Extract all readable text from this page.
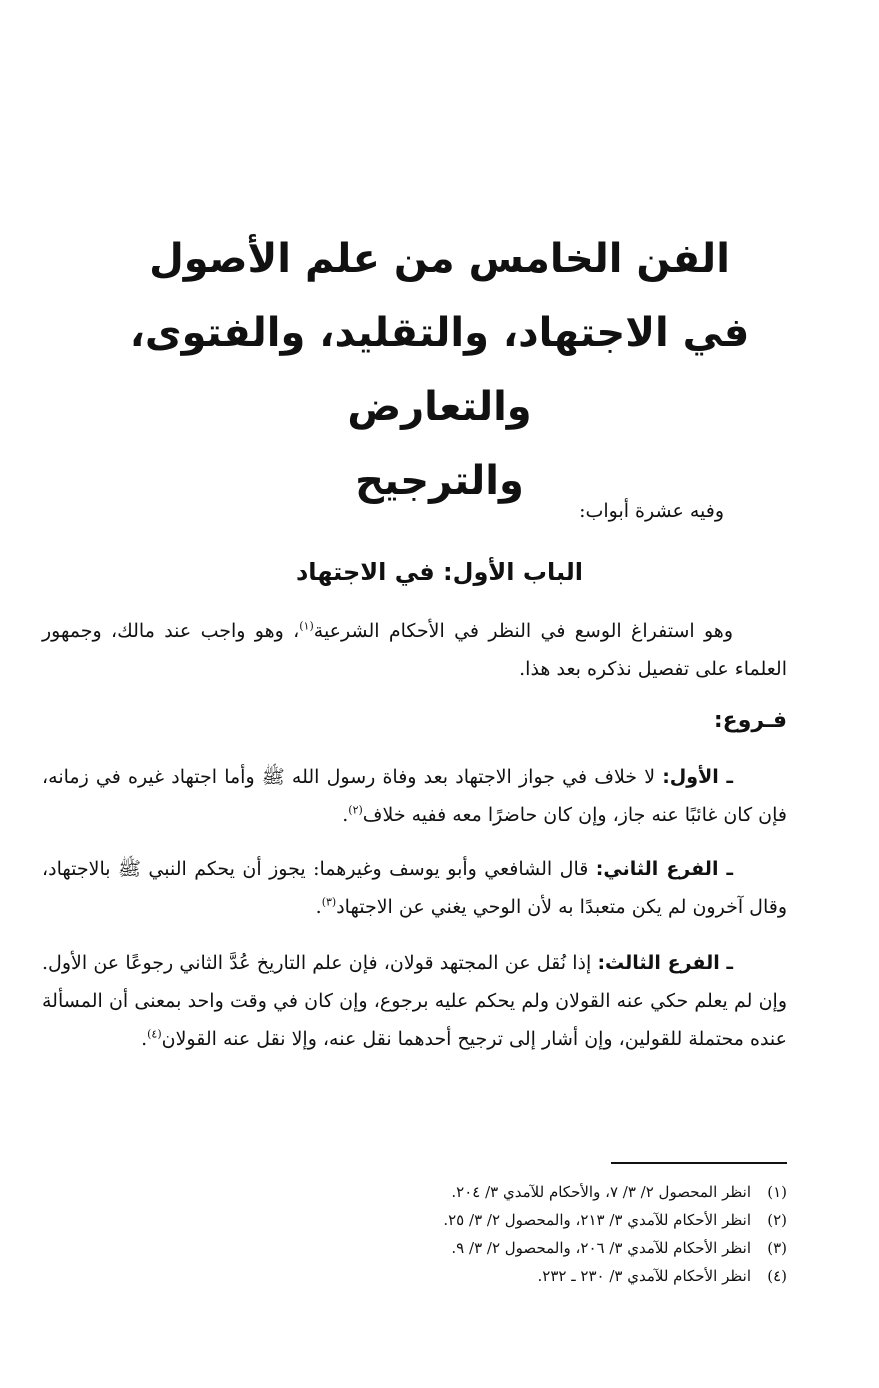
الفن الخامس من علم الأصول

في الاجتهاد، والتقليد، والفتوى، والتعارض

والترجيح

وفيه عشرة أبواب:

الباب الأول: في الاجتهاد

وهو استفراغ الوسع في النظر في الأحكام الشرعية$^{(١)}$، وهو واجب عند مالك، وجمهور العلماء على تفصيل نذكره بعد هذا.

فـروع:

ـ الأول: لا خلاف في جواز الاجتهاد بعد وفاة رسول الله ﷺ وأما اجتهاد غيره في زمانه، فإن كان غائبًا عنه جاز، وإن كان حاضرًا معه ففيه خلاف$^{(٢)}$.

ـ الفرع الثاني: قال الشافعي وأبو يوسف وغيرهما: يجوز أن يحكم النبي ﷺ بالاجتهاد، وقال آخرون لم يكن متعبدًا به لأن الوحي يغني عن الاجتهاد$^{(٣)}$.

ـ الفرع الثالث: إذا نُقل عن المجتهد قولان، فإن علم التاريخ عُدَّ الثاني رجوعًا عن الأول. وإن لم يعلم حكي عنه القولان ولم يحكم عليه برجوع، وإن كان في وقت واحد بمعنى أن المسألة عنده محتملة للقولين، وإن أشار إلى ترجيح أحدهما نقل عنه، وإلا نقل عنه القولان$^{(٤)}$.

(١)انظر المحصول ٢/ ٣/ ٧، والأحكام للآمدي ٣/ ٢٠٤.
(٢)انظر الأحكام للآمدي ٣/ ٢١٣، والمحصول ٢/ ٣/ ٢٥.
(٣)انظر الأحكام للآمدي ٣/ ٢٠٦، والمحصول ٢/ ٣/ ٩.
(٤)انظر الأحكام للآمدي ٣/ ٢٣٠ ـ ٢٣٢.
